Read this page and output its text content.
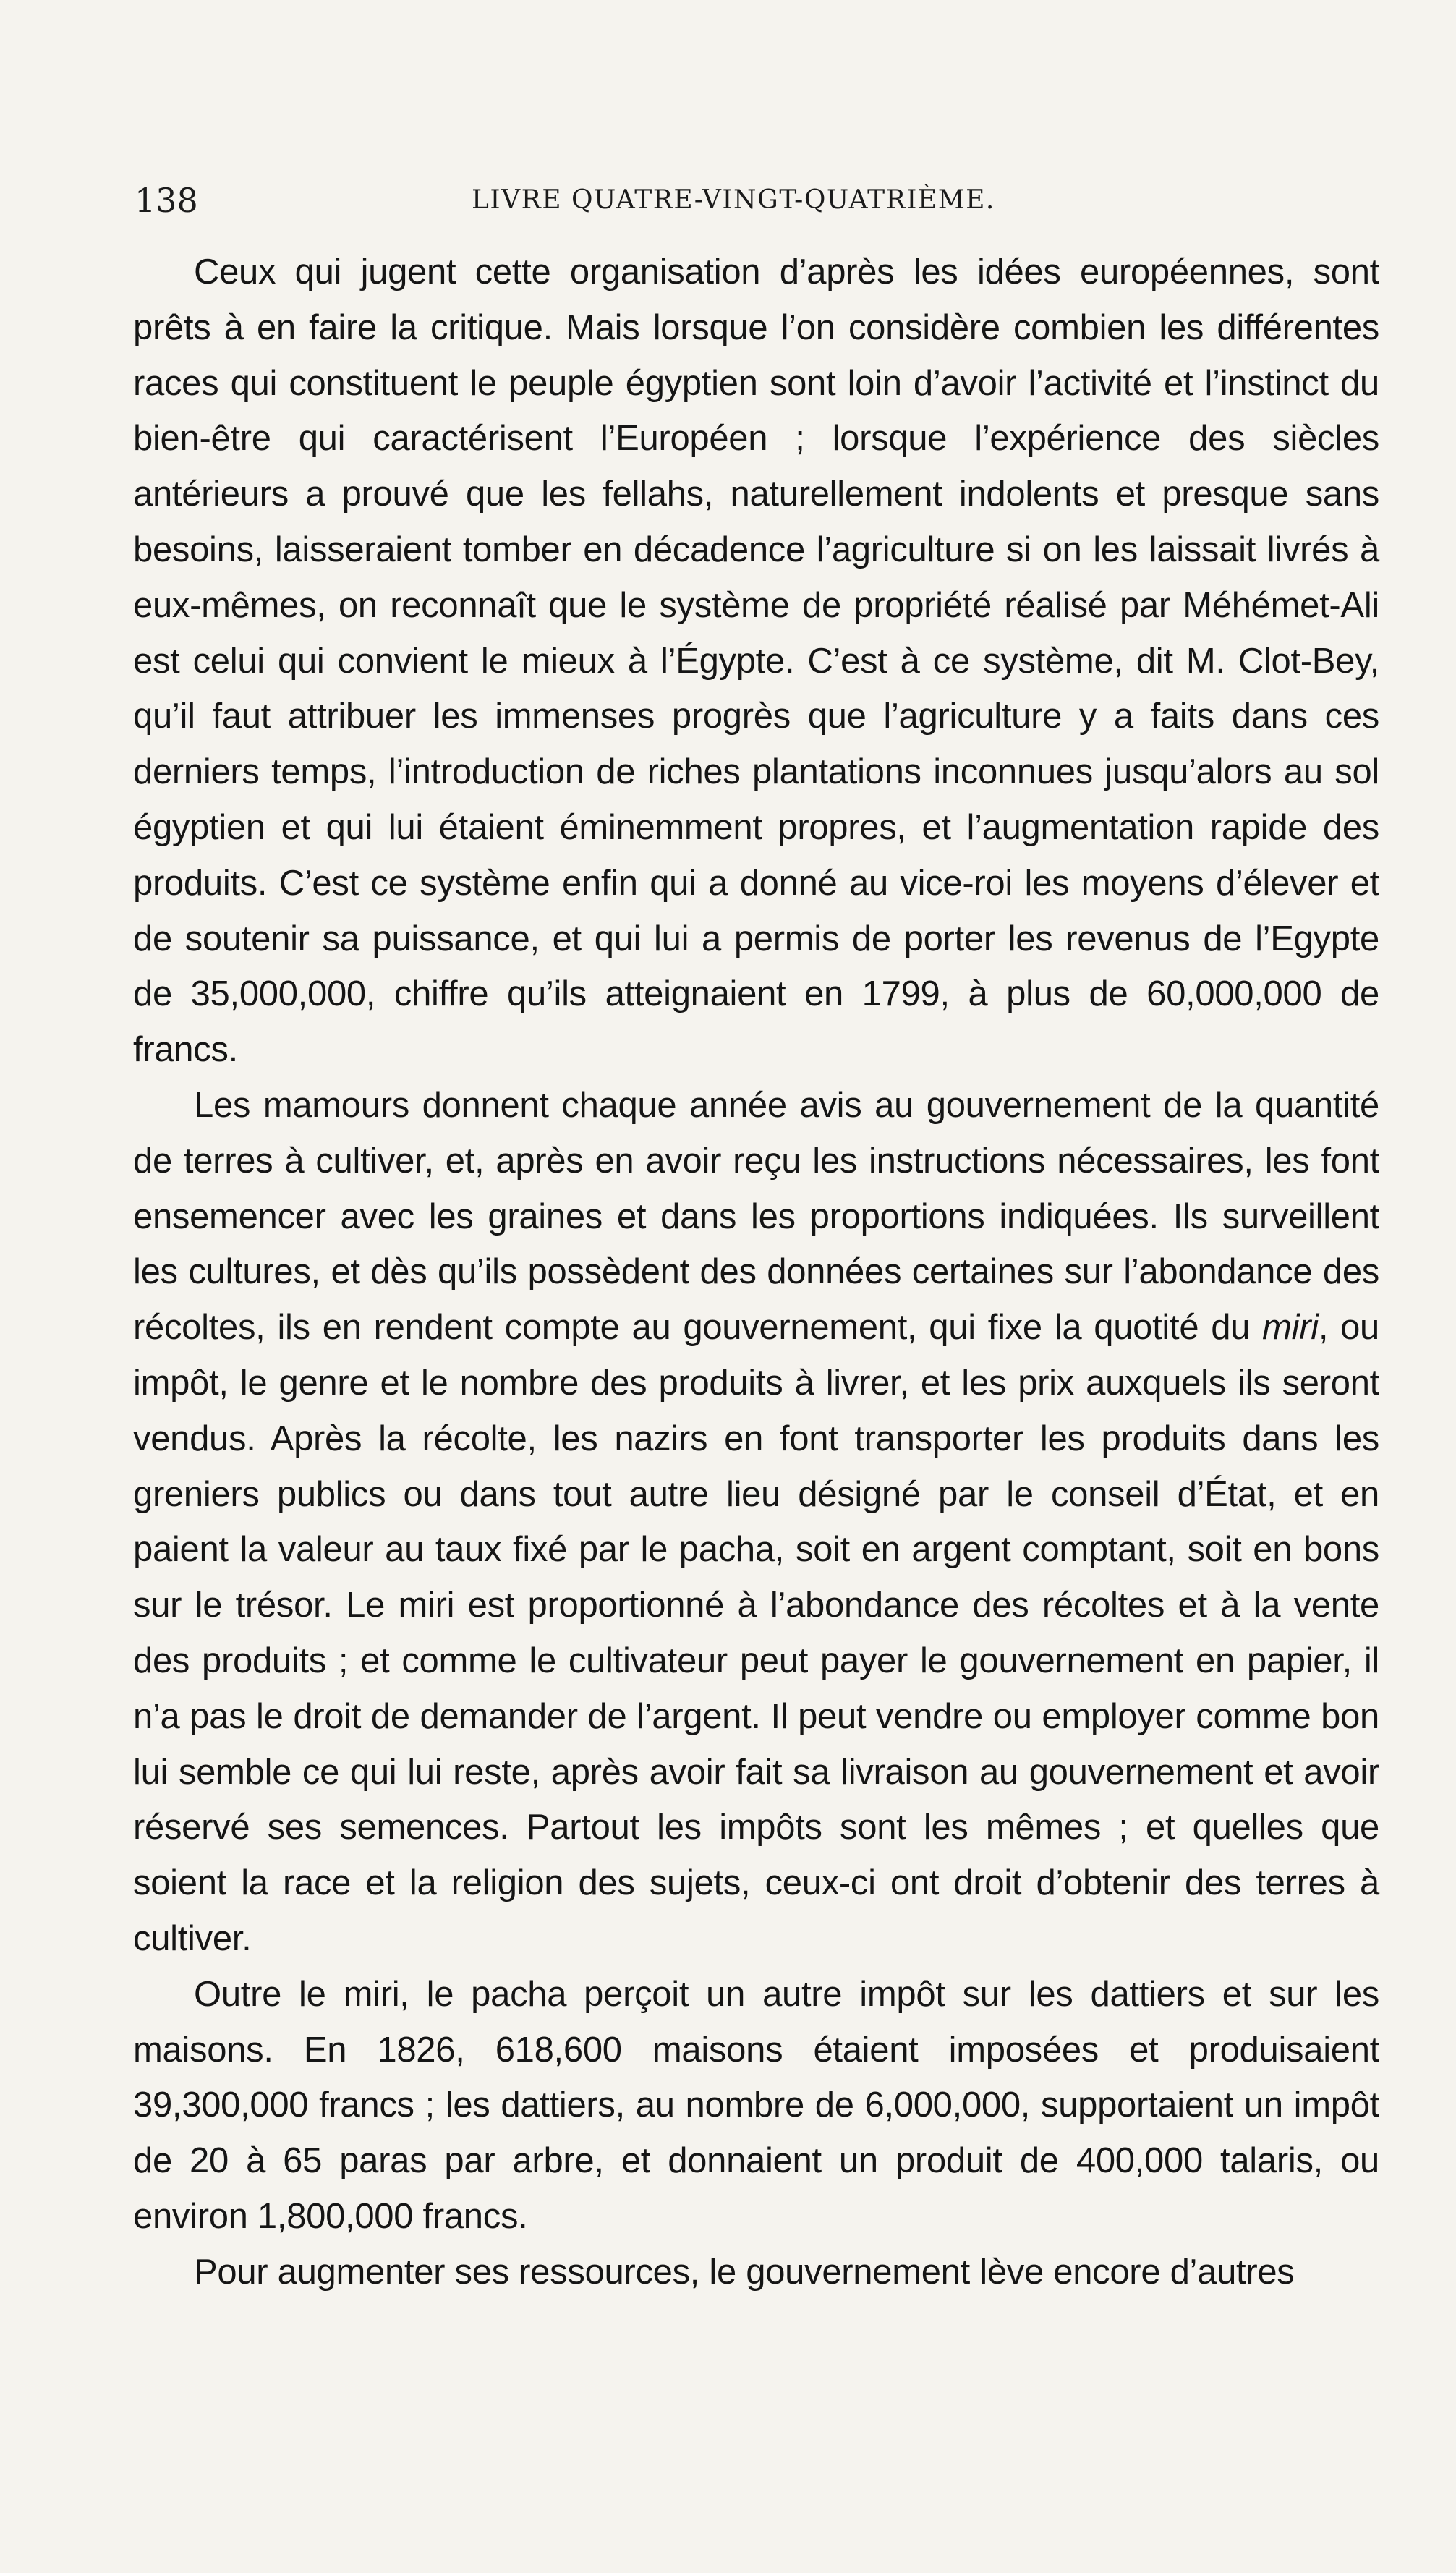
138	LIVRE QUATRE-VINGT-QUATRIÈME.

Ceux qui jugent cette organisation d’après les idées européennes, sont prêts à en faire la critique. Mais lorsque l’on considère combien les différentes races qui constituent le peuple égyptien sont loin d’avoir l’activité et l’instinct du bien-être qui caractérisent l’Européen ; lorsque l’expérience des siècles antérieurs a prouvé que les fellahs, naturellement indolents et presque sans besoins, laisseraient tomber en décadence l’agriculture si on les laissait livrés à eux-mêmes, on reconnaît que le système de propriété réalisé par Méhémet-Ali est celui qui convient le mieux à l’Égypte. C’est à ce système, dit M. Clot-Bey, qu’il faut attribuer les immenses progrès que l’agriculture y a faits dans ces derniers temps, l’introduction de riches plantations inconnues jusqu’alors au sol égyptien et qui lui étaient éminemment propres, et l’augmentation rapide des produits. C’est ce système enfin qui a donné au vice-roi les moyens d’élever et de soutenir sa puissance, et qui lui a permis de porter les revenus de l’Egypte de 35,000,000, chiffre qu’ils atteignaient en 1799, à plus de 60,000,000 de francs.

Les mamours donnent chaque année avis au gouvernement de la quantité de terres à cultiver, et, après en avoir reçu les instructions nécessaires, les font ensemencer avec les graines et dans les proportions indiquées. Ils surveillent les cultures, et dès qu’ils possèdent des données certaines sur l’abondance des récoltes, ils en rendent compte au gouvernement, qui fixe la quotité du miri, ou impôt, le genre et le nombre des produits à livrer, et les prix auxquels ils seront vendus. Après la récolte, les nazirs en font transporter les produits dans les greniers publics ou dans tout autre lieu désigné par le conseil d’État, et en paient la valeur au taux fixé par le pacha, soit en argent comptant, soit en bons sur le trésor. Le miri est proportionné à l’abondance des récoltes et à la vente des produits ; et comme le cultivateur peut payer le gouvernement en papier, il n’a pas le droit de demander de l’argent. Il peut vendre ou employer comme bon lui semble ce qui lui reste, après avoir fait sa livraison au gouvernement et avoir réservé ses semences. Partout les impôts sont les mêmes ; et quelles que soient la race et la religion des sujets, ceux-ci ont droit d’obtenir des terres à cultiver.

Outre le miri, le pacha perçoit un autre impôt sur les dattiers et sur les maisons. En 1826, 618,600 maisons étaient imposées et produisaient 39,300,000 francs ; les dattiers, au nombre de 6,000,000, supportaient un impôt de 20 à 65 paras par arbre, et donnaient un produit de 400,000 talaris, ou environ 1,800,000 francs.

Pour augmenter ses ressources, le gouvernement lève encore d’autres
